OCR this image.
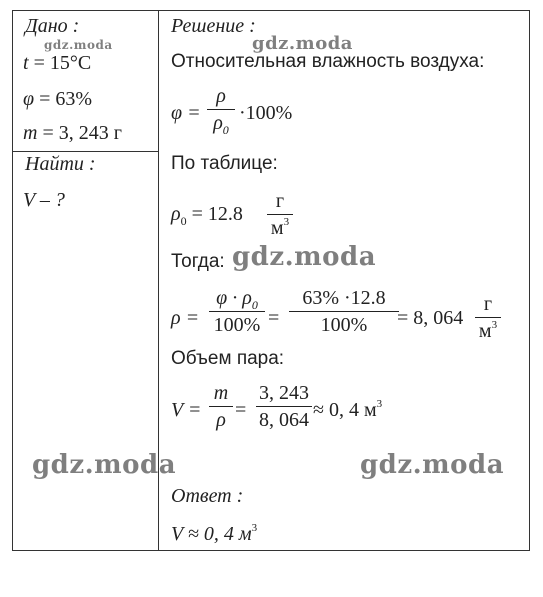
Дано :
t = 15°C
φ = 63%
m = 3, 243 г
Найти :
V – ?
Решение :
Относительная влажность воздуха:
φ =
ρ
$\rho_0$
·100%
По таблице:
$\rho_0 = 12.8$
г
$м^3$
Тогда:
ρ =
$\varphi \cdot \rho_0$
100% =
63% ·12.8
100% = 8, 064
г
$м^3$
Объем пара:
V =
m
ρ =
3, 243
8, 064 ≈ 0, 4 $м^3$
Ответ :
V ≈ 0, 4 $м^3$
gdz.moda	gdz.moda
gdz.moda
gdz.moda	gdz.moda
